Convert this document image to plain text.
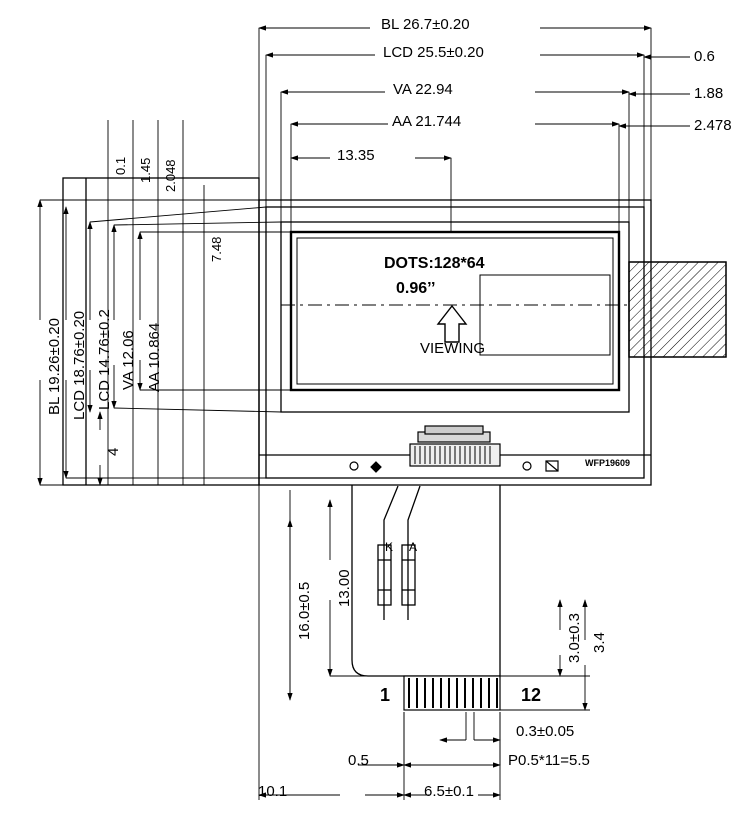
BL 26.7±0.20
LCD 25.5±0.20
VA 22.94
AA 21.744
13.35
0.6
1.88
2.478
0.1 1.45 2.048
7.48
BL 19.26±0.20 LCD 18.76±0.20 LCD 14.76±0.2 VA 12.06 AA 10.864
4
16.0±0.5 13.00
3.0±0.3 3.4
0.3±0.05
0.5	P0.5*11=5.5
10.1	6.5±0.1
DOTS:128*64
0.96’’
VIEWING
WFP19609
K A
1	12
